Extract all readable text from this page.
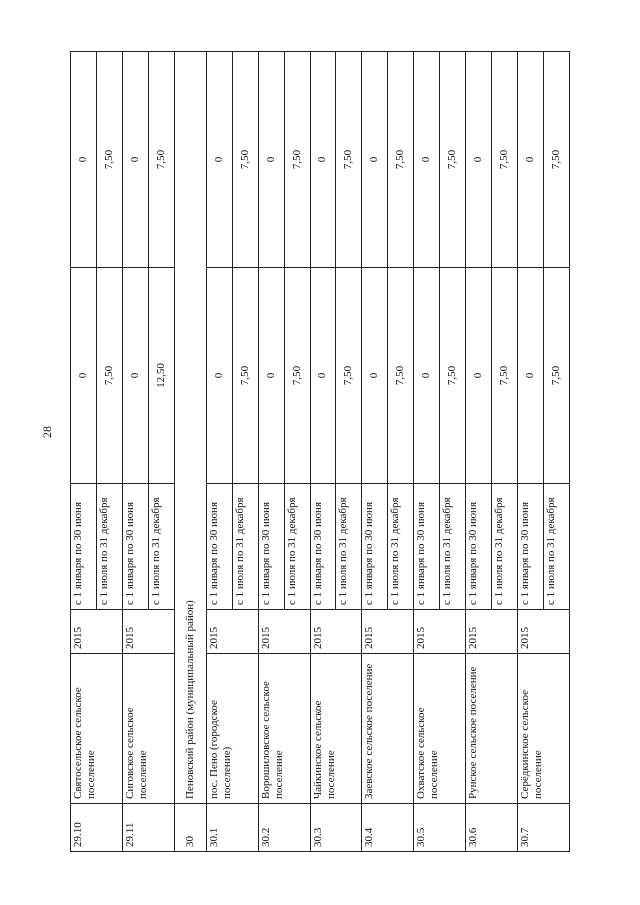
28
29.10	Святосельское сельское поселение	2015	с 1 января по 30 июня	0	0
			с 1 июля по 31 декабря	7,50	7,50
29.11	Сиговское сельское поселение	2015	с 1 января по 30 июня	0	0
			с 1 июля по 31 декабря	12,50	7,50
30	Пеновский район (муниципальный район)				
30.1	пос. Пено (городское поселение)	2015	с 1 января по 30 июня	0	0
			с 1 июля по 31 декабря	7,50	7,50
30.2	Ворошиловское сельское поселение	2015	с 1 января по 30 июня	0	0
			с 1 июля по 31 декабря	7,50	7,50
30.3	Чайкинское сельское поселение	2015	с 1 января по 30 июня	0	0
			с 1 июля по 31 декабря	7,50	7,50
30.4	Заевское сельское поселение	2015	с 1 января по 30 июня	0	0
			с 1 июля по 31 декабря	7,50	7,50
30.5	Охватское сельское поселение	2015	с 1 января по 30 июня	0	0
			с 1 июля по 31 декабря	7,50	7,50
30.6	Рунское сельское поселение	2015	с 1 января по 30 июня	0	0
			с 1 июля по 31 декабря	7,50	7,50
30.7	Серёдкинское сельское поселение	2015	с 1 января по 30 июня	0	0
			с 1 июля по 31 декабря	7,50	7,50
